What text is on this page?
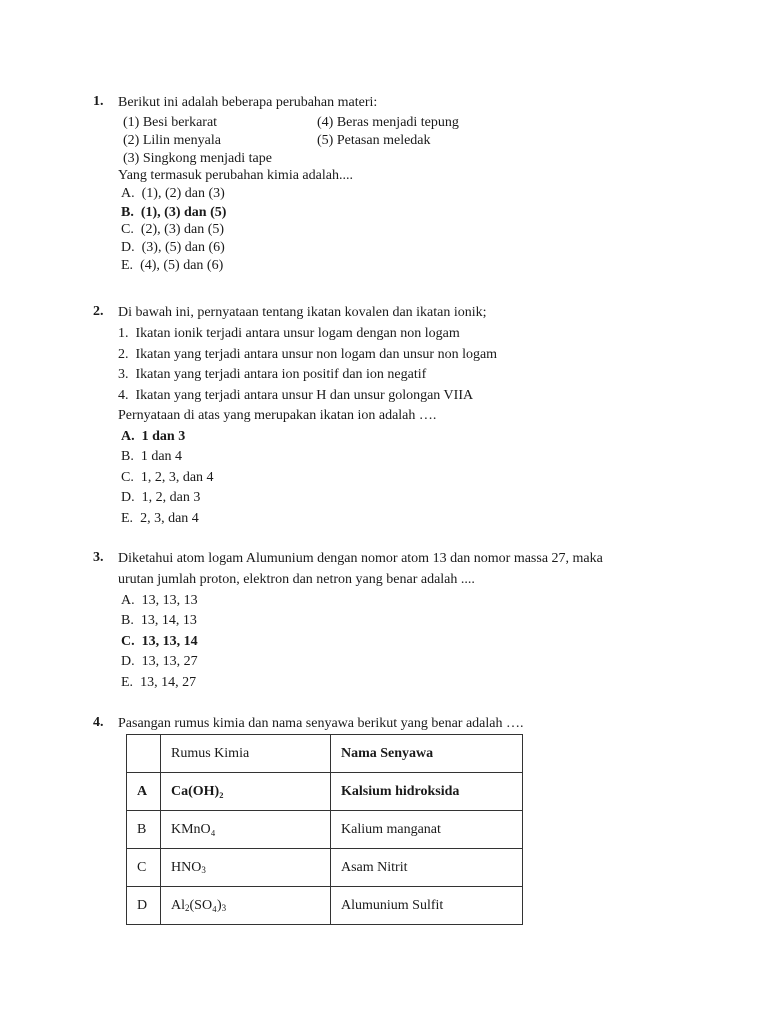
1. Berikut ini adalah beberapa perubahan materi:
(1) Besi berkarat	(4) Beras menjadi tepung
(2) Lilin menyala	(5) Petasan meledak
(3) Singkong menjadi tape
Yang termasuk perubahan kimia adalah....
A. (1), (2) dan (3)
B. (1), (3) dan (5)
C. (2), (3) dan (5)
D. (3), (5) dan (6)
E. (4), (5) dan (6)
2. Di bawah ini, pernyataan tentang ikatan kovalen dan ikatan ionik;
1. Ikatan ionik terjadi antara unsur logam dengan non logam
2. Ikatan yang terjadi antara unsur non logam dan unsur non logam
3. Ikatan yang terjadi antara ion positif dan ion negatif
4. Ikatan yang terjadi antara unsur H dan unsur golongan VIIA
Pernyataan di atas yang merupakan ikatan ion adalah ….
A. 1 dan 3
B. 1 dan 4
C. 1, 2, 3, dan 4
D. 1, 2, dan 3
E. 2, 3, dan 4
3. Diketahui atom logam Alumunium dengan nomor atom 13 dan nomor massa 27, maka
urutan jumlah proton, elektron dan netron yang benar adalah ....
A. 13, 13, 13
B. 13, 14, 13
C. 13, 13, 14
D. 13, 13, 27
E. 13, 14, 27
4. Pasangan rumus kimia dan nama senyawa berikut yang benar adalah ….
	Rumus Kimia	Nama Senyawa
A	Ca(OH)₂	Kalsium hidroksida
B	KMnO₄	Kalium manganat
C	$HNO_3$	Asam Nitrit
D	$Al_2(SO_4)_3$	Alumunium Sulfit
